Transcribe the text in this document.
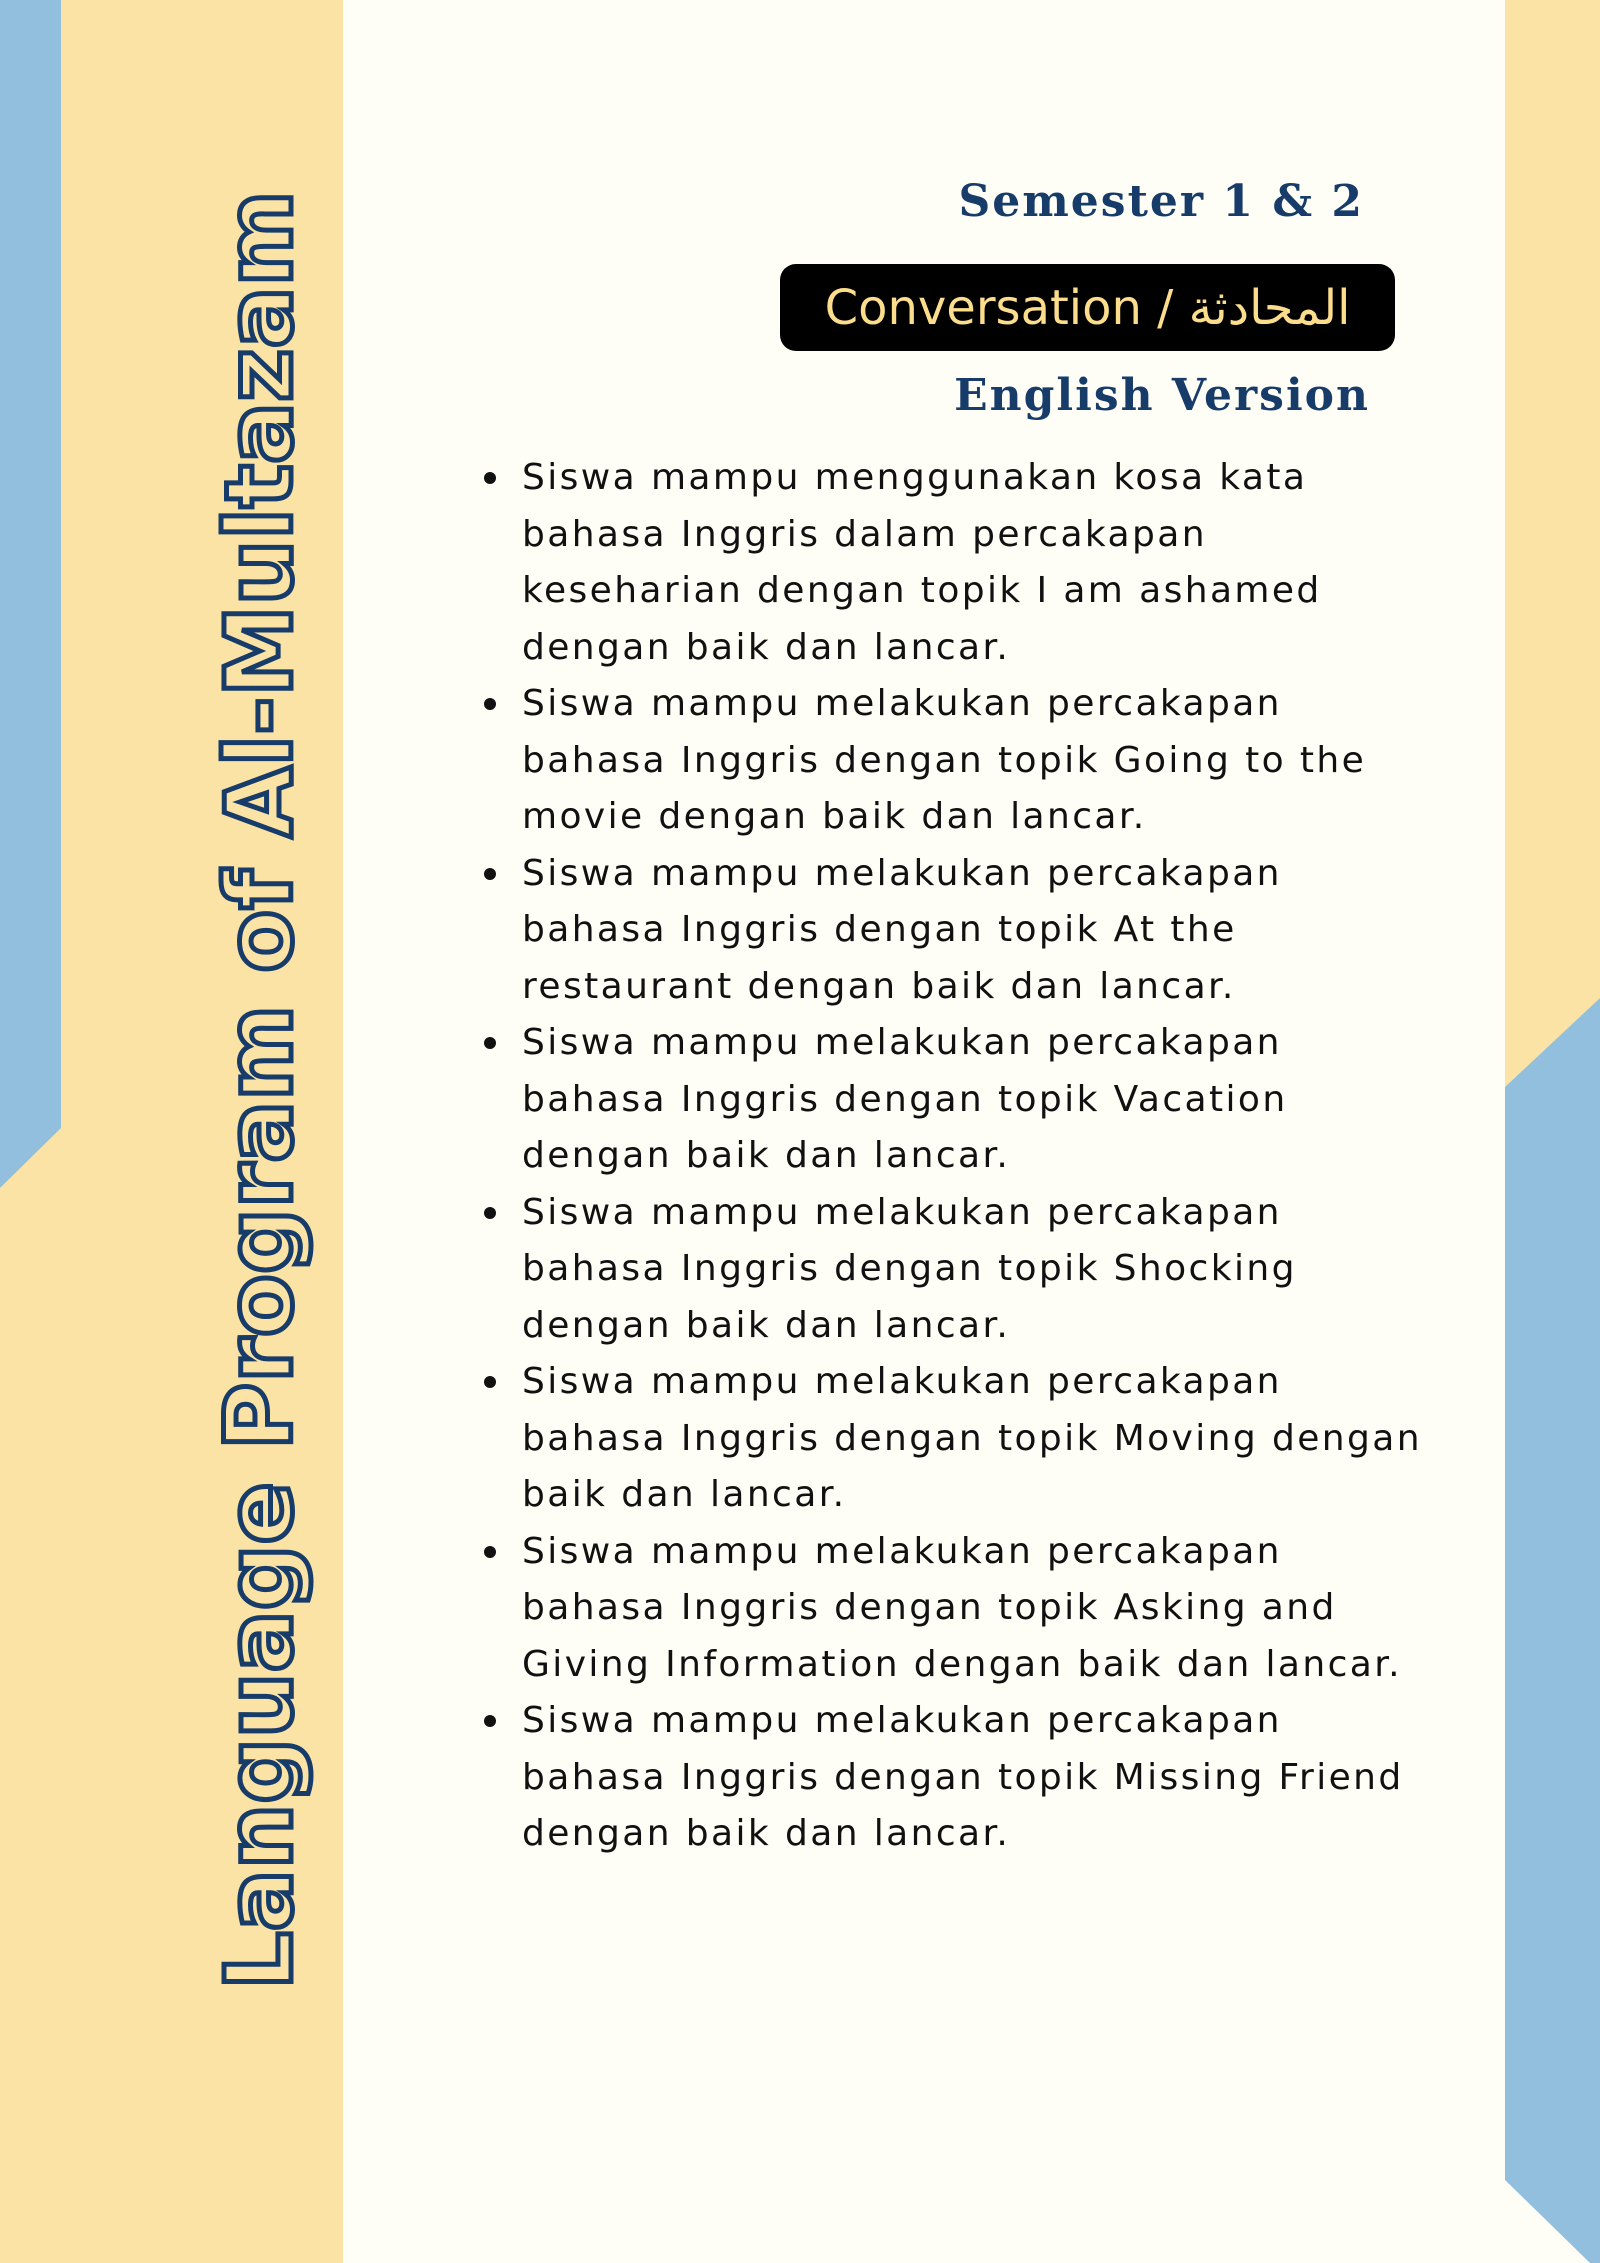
Language Program of Al-Multazam	Semester 1 & 2
Conversation / المحادثة
English Version
Siswa mampu menggunakan kosa kata bahasa Inggris dalam percakapan keseharian dengan topik I am ashamed dengan baik dan lancar.
Siswa mampu melakukan percakapan bahasa Inggris dengan topik Going to the movie dengan baik dan lancar.
Siswa mampu melakukan percakapan bahasa Inggris dengan topik At the restaurant dengan baik dan lancar.
Siswa mampu melakukan percakapan bahasa Inggris dengan topik Vacation dengan baik dan lancar.
Siswa mampu melakukan percakapan bahasa Inggris dengan topik Shocking dengan baik dan lancar.
Siswa mampu melakukan percakapan bahasa Inggris dengan topik Moving dengan baik dan lancar.
Siswa mampu melakukan percakapan bahasa Inggris dengan topik Asking and Giving Information dengan baik dan lancar.
Siswa mampu melakukan percakapan bahasa Inggris dengan topik Missing Friend dengan baik dan lancar.
